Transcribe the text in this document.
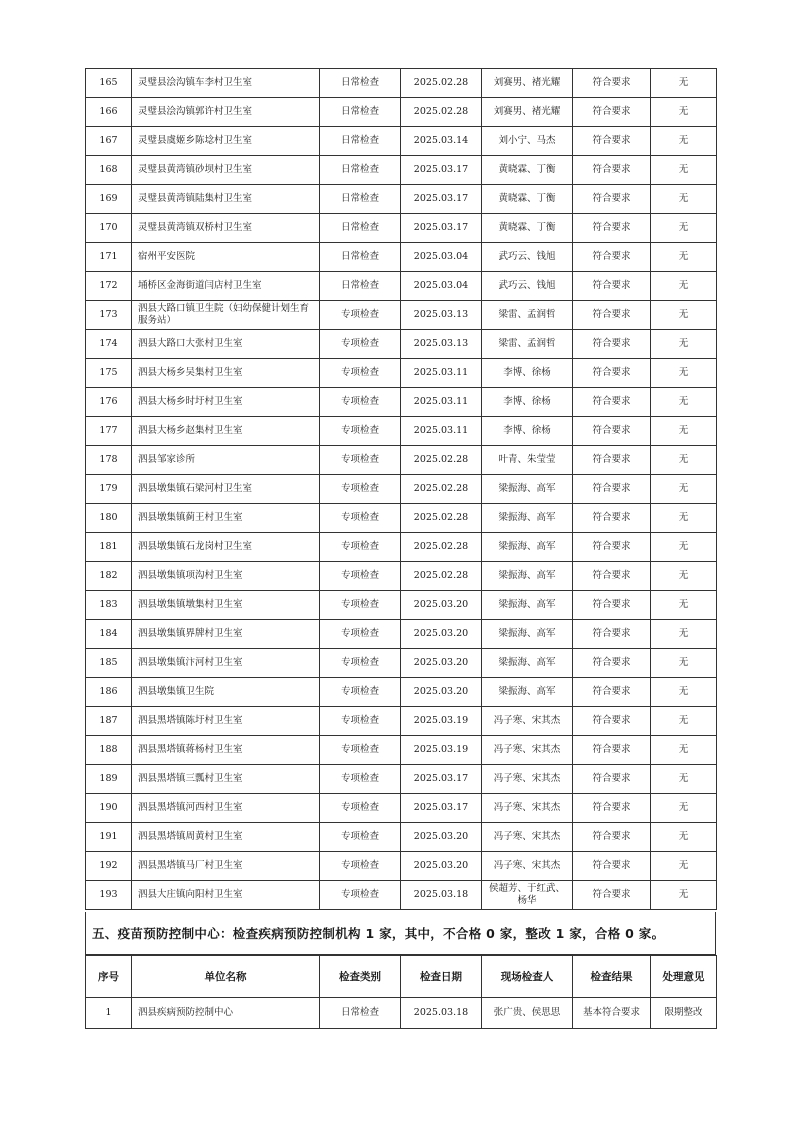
165	灵璧县浍沟镇车李村卫生室	日常检查	2025.02.28	刘赛男、褚光耀	符合要求	无
166	灵璧县浍沟镇郭许村卫生室	日常检查	2025.02.28	刘赛男、褚光耀	符合要求	无
167	灵璧县虞姬乡陈埝村卫生室	日常检查	2025.03.14	刘小宁、马杰	符合要求	无
168	灵璧县黄湾镇砂坝村卫生室	日常检查	2025.03.17	黄晓霖、丁衡	符合要求	无
169	灵璧县黄湾镇陆集村卫生室	日常检查	2025.03.17	黄晓霖、丁衡	符合要求	无
170	灵璧县黄湾镇双桥村卫生室	日常检查	2025.03.17	黄晓霖、丁衡	符合要求	无
171	宿州平安医院	日常检查	2025.03.04	武巧云、钱旭	符合要求	无
172	埇桥区金海街道闫店村卫生室	日常检查	2025.03.04	武巧云、钱旭	符合要求	无
173	泗县大路口镇卫生院（妇幼保健计划生育服务站）	专项检查	2025.03.13	梁雷、孟润哲	符合要求	无
174	泗县大路口大张村卫生室	专项检查	2025.03.13	梁雷、孟润哲	符合要求	无
175	泗县大杨乡吴集村卫生室	专项检查	2025.03.11	李博、徐杨	符合要求	无
176	泗县大杨乡时圩村卫生室	专项检查	2025.03.11	李博、徐杨	符合要求	无
177	泗县大杨乡赵集村卫生室	专项检查	2025.03.11	李博、徐杨	符合要求	无
178	泗县邹家诊所	专项检查	2025.02.28	叶青、朱莹莹	符合要求	无
179	泗县墩集镇石梁河村卫生室	专项检查	2025.02.28	梁振海、高军	符合要求	无
180	泗县墩集镇蓟王村卫生室	专项检查	2025.02.28	梁振海、高军	符合要求	无
181	泗县墩集镇石龙岗村卫生室	专项检查	2025.02.28	梁振海、高军	符合要求	无
182	泗县墩集镇项沟村卫生室	专项检查	2025.02.28	梁振海、高军	符合要求	无
183	泗县墩集镇墩集村卫生室	专项检查	2025.03.20	梁振海、高军	符合要求	无
184	泗县墩集镇界牌村卫生室	专项检查	2025.03.20	梁振海、高军	符合要求	无
185	泗县墩集镇汴河村卫生室	专项检查	2025.03.20	梁振海、高军	符合要求	无
186	泗县墩集镇卫生院	专项检查	2025.03.20	梁振海、高军	符合要求	无
187	泗县黑塔镇陈圩村卫生室	专项检查	2025.03.19	冯子寒、宋其杰	符合要求	无
188	泗县黑塔镇蒋杨村卫生室	专项检查	2025.03.19	冯子寒、宋其杰	符合要求	无
189	泗县黑塔镇三瓢村卫生室	专项检查	2025.03.17	冯子寒、宋其杰	符合要求	无
190	泗县黑塔镇河西村卫生室	专项检查	2025.03.17	冯子寒、宋其杰	符合要求	无
191	泗县黑塔镇周黄村卫生室	专项检查	2025.03.20	冯子寒、宋其杰	符合要求	无
192	泗县黑塔镇马厂村卫生室	专项检查	2025.03.20	冯子寒、宋其杰	符合要求	无
193	泗县大庄镇向阳村卫生室	专项检查	2025.03.18	侯超芳、于红武、杨华	符合要求	无
五、疫苗预防控制中心：检查疾病预防控制机构 1 家，其中，不合格 0 家，整改 1 家，合格 0 家。
序号	单位名称	检查类别	检查日期	现场检查人	检查结果	处理意见
1	泗县疾病预防控制中心	日常检查	2025.03.18	张广贵、侯思思	基本符合要求	限期整改
